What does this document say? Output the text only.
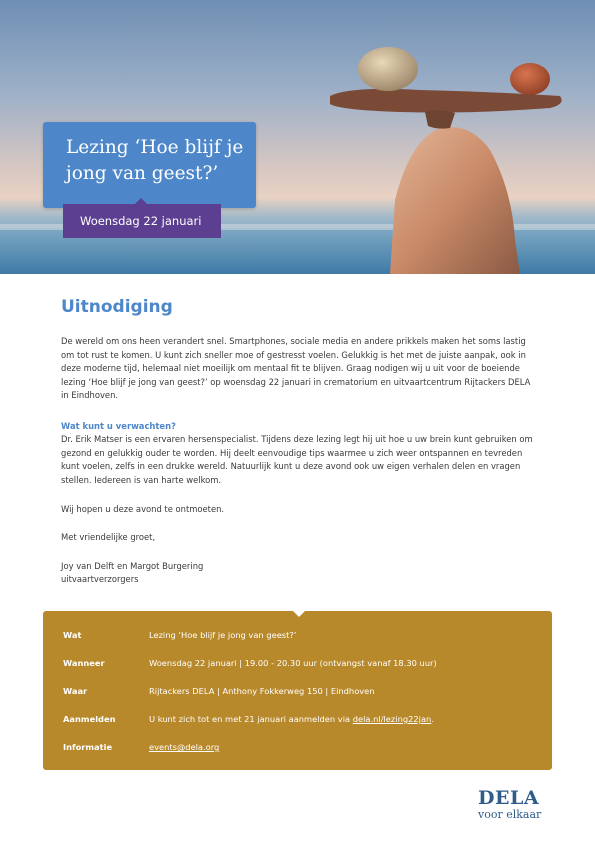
Lezing ‘Hoe blijf je jong van geest?’
Woensdag 22 januari
Uitnodiging

De wereld om ons heen verandert snel. Smartphones, sociale media en andere prikkels maken het soms lastig om tot rust te komen. U kunt zich sneller moe of gestresst voelen. Gelukkig is het met de juiste aanpak, ook in deze moderne tijd, helemaal niet moeilijk om mentaal fit te blijven. Graag nodigen wij u uit voor de boeiende lezing ‘Hoe blijf je jong van geest?’ op woensdag 22 januari in crematorium en uitvaartcentrum Rijtackers DELA in Eindhoven.

Wat kunt u verwachten?

Dr. Erik Matser is een ervaren hersenspecialist. Tijdens deze lezing legt hij uit hoe u uw brein kunt gebruiken om gezond en gelukkig ouder te worden. Hij deelt eenvoudige tips waarmee u zich weer ontspannen en tevreden kunt voelen, zelfs in een drukke wereld. Natuurlijk kunt u deze avond ook uw eigen verhalen delen en vragen stellen. Iedereen is van harte welkom.

Wij hopen u deze avond te ontmoeten.

Met vriendelijke groet,

Joy van Delft en Margot Burgering

uitvaartverzorgers

Wat	Lezing ‘Hoe blijf je jong van geest?’
Wanneer	Woensdag 22 januari | 19.00 - 20.30 uur (ontvangst vanaf 18.30 uur)
Waar	Rijtackers DELA | Anthony Fokkerweg 150 | Eindhoven
Aanmelden	U kunt zich tot en met 21 januari aanmelden via dela.nl/lezing22jan.
Informatie	events@dela.org
DELA
voor elkaar
